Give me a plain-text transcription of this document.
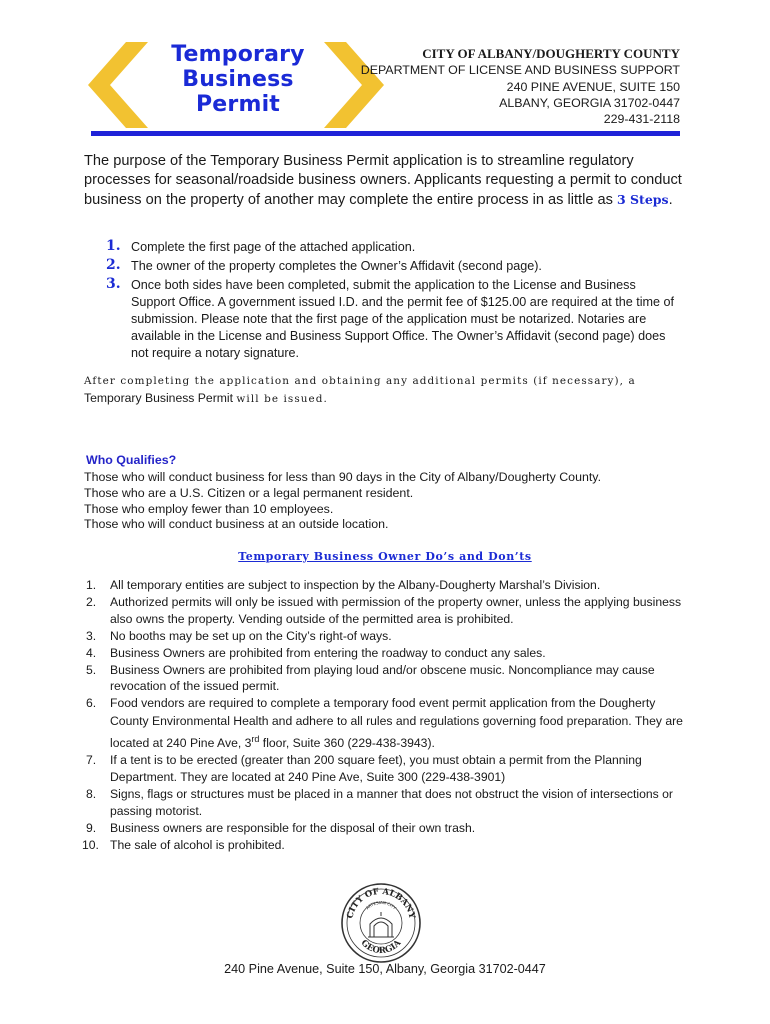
Temporary
Business
Permit
CITY OF ALBANY/DOUGHERTY COUNTY
DEPARTMENT OF LICENSE AND BUSINESS SUPPORT
240 PINE AVENUE, SUITE 150
ALBANY, GEORGIA 31702-0447
229-431-2118
The purpose of the Temporary Business Permit application is to streamline regulatory processes for seasonal/roadside business owners. Applicants requesting a permit to conduct business on the property of another may complete the entire process in as little as 3 Steps.
1. Complete the first page of the attached application.
2. The owner of the property completes the Owner’s Affidavit (second page).
3. Once both sides have been completed, submit the application to the License and Business Support Office. A government issued I.D. and the permit fee of $125.00 are required at the time of submission. Please note that the first page of the application must be notarized. Notaries are available in the License and Business Support Office. The Owner’s Affidavit (second page) does not require a notary signature.
After completing the application and obtaining any additional permits (if necessary), a
Temporary Business Permit will be issued.
Who Qualifies?
Those who will conduct business for less than 90 days in the City of Albany/Dougherty County.
Those who are a U.S. Citizen or a legal permanent resident.
Those who employ fewer than 10 employees.
Those who will conduct business at an outside location.
Temporary Business Owner Do’s and Don’ts
1.	All temporary entities are subject to inspection by the Albany-Dougherty Marshal’s Division.
2.	Authorized permits will only be issued with permission of the property owner, unless the applying business also owns the property. Vending outside of the permitted area is prohibited.
3.	No booths may be set up on the City’s right-of ways.
4.	Business Owners are prohibited from entering the roadway to conduct any sales.
5.	Business Owners are prohibited from playing loud and/or obscene music. Noncompliance may cause revocation of the issued permit.
6.	Food vendors are required to complete a temporary food event permit application from the Dougherty County Environmental Health and adhere to all rules and regulations governing food preparation. They are located at 240 Pine Ave, 3rd floor, Suite 360 (229-438-3943).
7.	If a tent is to be erected (greater than 200 square feet), you must obtain a permit from the Planning Department. They are located at 240 Pine Ave, Suite 300 (229-438-3901)
8.	Signs, flags or structures must be placed in a manner that does not obstruct the vision of intersections or passing motorist.
9.	Business owners are responsible for the disposal of their own trash.
10. The sale of alcohol is prohibited.
CITY OF ALBANY
GEORGIA
ARTESIAN CITY
240 Pine Avenue, Suite 150, Albany, Georgia 31702-0447
